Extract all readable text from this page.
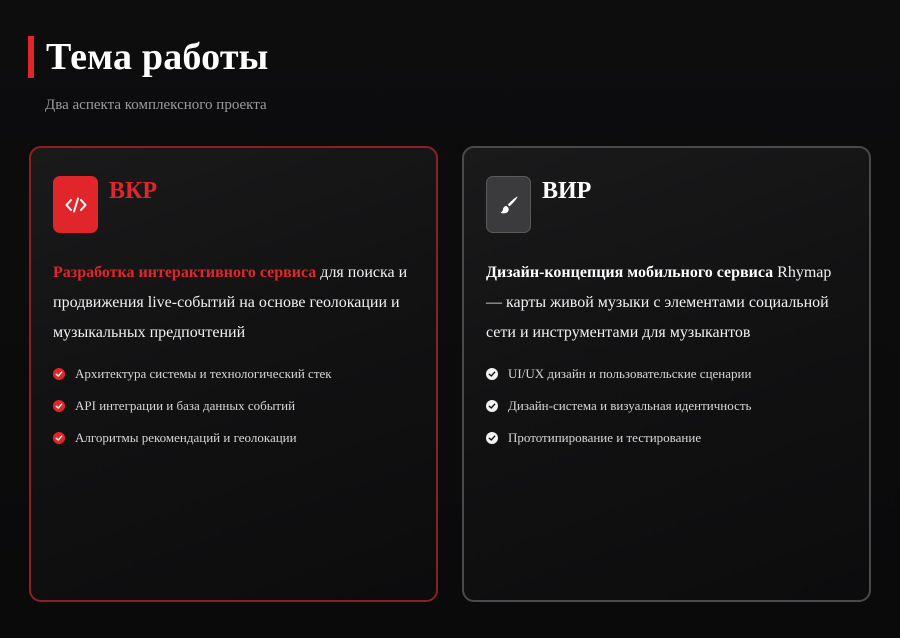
Тема работы
Два аспекта комплексного проекта
ВКР
Разработка интерактивного сервиса для поиска и продвижения live-событий на основе геолокации и музыкальных предпочтений
Архитектура системы и технологический стек
API интеграции и база данных событий
Алгоритмы рекомендаций и геолокации
ВИР
Дизайн-концепция мобильного сервиса Rhymap — карты живой музыки с элементами социальной сети и инструментами для музыкантов
UI/UX дизайн и пользовательские сценарии
Дизайн-система и визуальная идентичность
Прототипирование и тестирование
